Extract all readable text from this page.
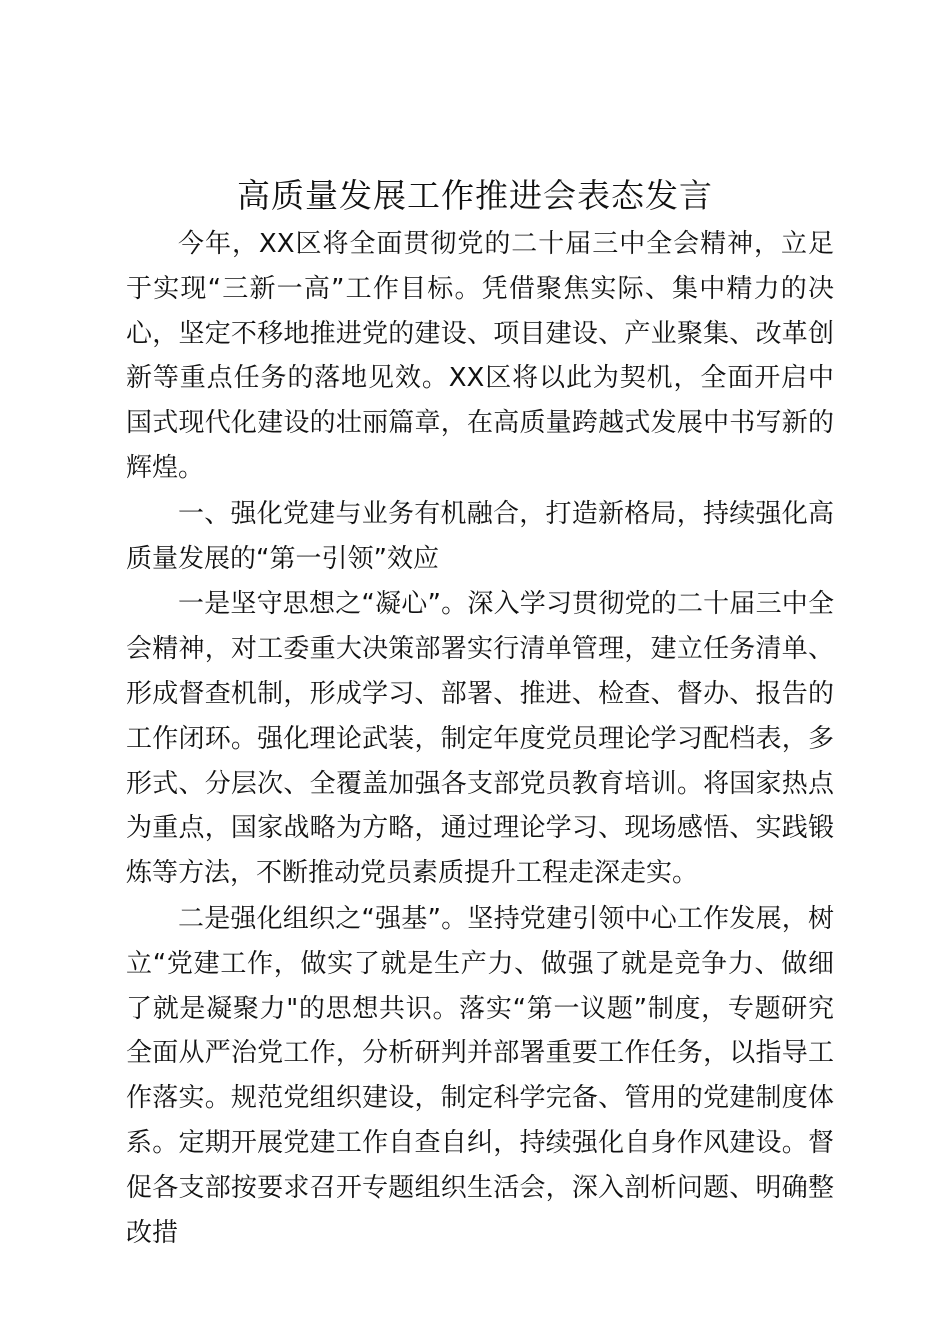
高质量发展工作推进会表态发言

今年，XX区将全面贯彻党的二十届三中全会精神，立足于实现“三新一高”工作目标。凭借聚焦实际、集中精力的决心，坚定不移地推进党的建设、项目建设、产业聚集、改革创新等重点任务的落地见效。XX区将以此为契机，全面开启中国式现代化建设的壮丽篇章，在高质量跨越式发展中书写新的辉煌。

一、强化党建与业务有机融合，打造新格局，持续强化高质量发展的“第一引领”效应

一是坚守思想之“凝心”。深入学习贯彻党的二十届三中全会精神，对工委重大决策部署实行清单管理，建立任务清单、形成督查机制，形成学习、部署、推进、检查、督办、报告的工作闭环。强化理论武装，制定年度党员理论学习配档表，多形式、分层次、全覆盖加强各支部党员教育培训。将国家热点为重点，国家战略为方略，通过理论学习、现场感悟、实践锻炼等方法，不断推动党员素质提升工程走深走实。

二是强化组织之“强基”。坚持党建引领中心工作发展，树立“党建工作，做实了就是生产力、做强了就是竞争力、做细了就是凝聚力"的思想共识。落实“第一议题”制度，专题研究全面从严治党工作，分析研判并部署重要工作任务，以指导工作落实。规范党组织建设，制定科学完备、管用的党建制度体系。定期开展党建工作自查自纠，持续强化自身作风建设。督促各支部按要求召开专题组织生活会，深入剖析问题、明确整改措
